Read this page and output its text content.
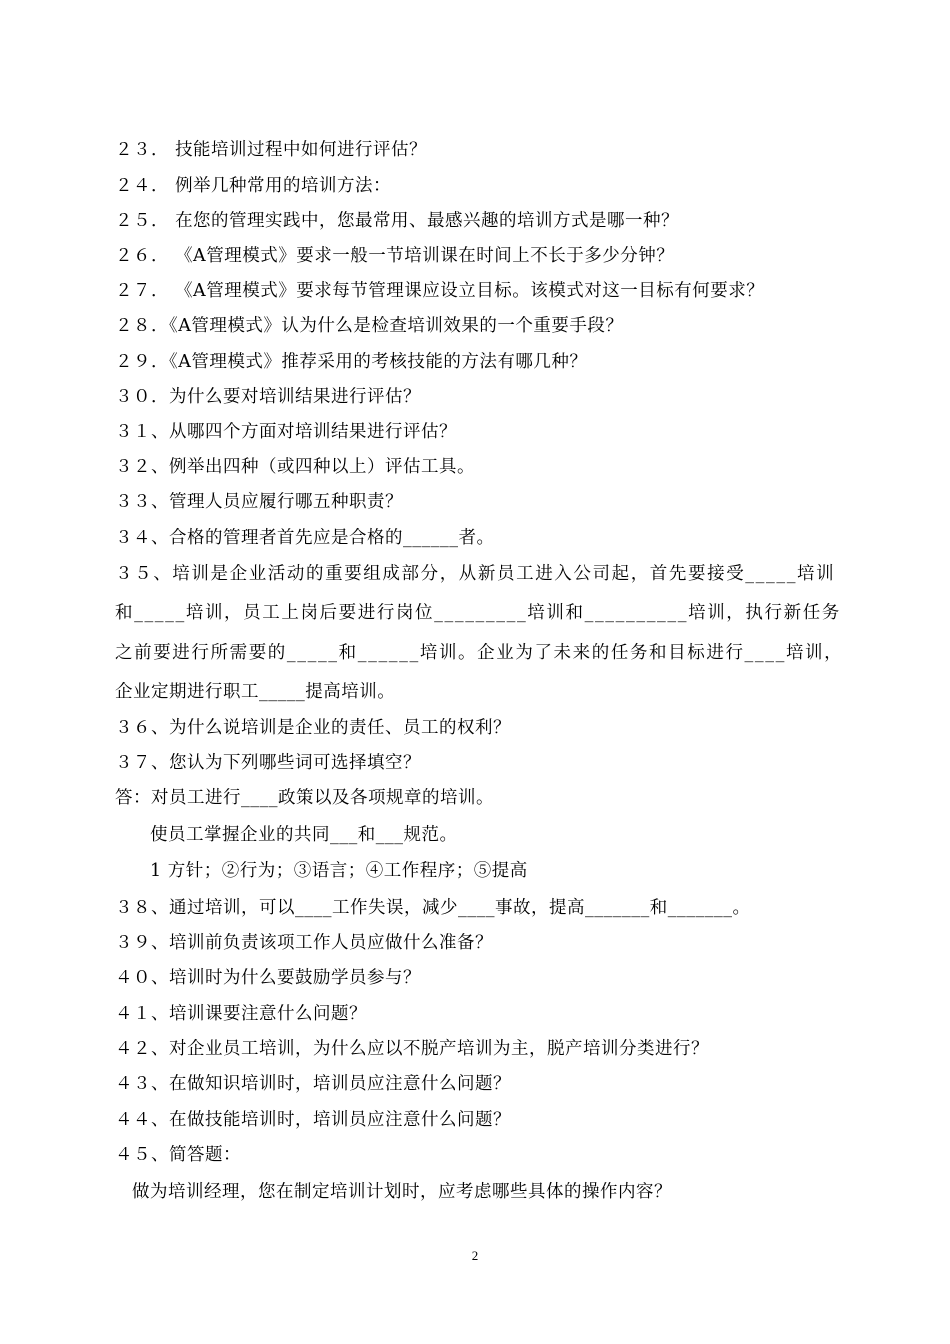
２３． 技能培训过程中如何进行评估？
２４． 例举几种常用的培训方法：
２５． 在您的管理实践中，您最常用、最感兴趣的培训方式是哪一种？
２６． 《A管理模式》要求一般一节培训课在时间上不长于多少分钟？
２７． 《A管理模式》要求每节管理课应设立目标。该模式对这一目标有何要求？
２８．《A管理模式》认为什么是检查培训效果的一个重要手段？
２９．《A管理模式》推荐采用的考核技能的方法有哪几种？
３０．为什么要对培训结果进行评估？
３１、从哪四个方面对培训结果进行评估？
３２、例举出四种（或四种以上）评估工具。
３３、管理人员应履行哪五种职责？
３４、合格的管理者首先应是合格的______者。
３５、培训是企业活动的重要组成部分，从新员工进入公司起，首先要接受_____培训
和_____培训，员工上岗后要进行岗位_________培训和__________培训，执行新任务
之前要进行所需要的_____和______培训。企业为了未来的任务和目标进行____培训，
企业定期进行职工_____提高培训。
３６、为什么说培训是企业的责任、员工的权利？
３７、您认为下列哪些词可选择填空？
答：对员工进行____政策以及各项规章的培训。
使员工掌握企业的共同___和___规范。
1 方针；②行为；③语言；④工作程序；⑤提高
３８、通过培训，可以____工作失误，减少____事故，提高_______和_______。
３９、培训前负责该项工作人员应做什么准备？
４０、培训时为什么要鼓励学员参与？
４１、培训课要注意什么问题？
４２、对企业员工培训，为什么应以不脱产培训为主，脱产培训分类进行？
４３、在做知识培训时，培训员应注意什么问题？
４４、在做技能培训时，培训员应注意什么问题？
４５、简答题：
做为培训经理，您在制定培训计划时，应考虑哪些具体的操作内容？
2
